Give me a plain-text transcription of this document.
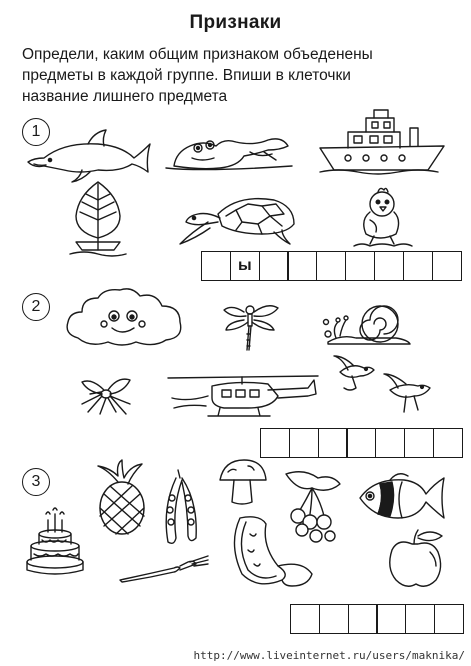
Признаки
Определи, каким общим признаком объеденены
предметы в каждой группе. Впиши в клеточки
название лишнего предмета
1
ы
2
3
http://www.liveinternet.ru/users/maknika/
